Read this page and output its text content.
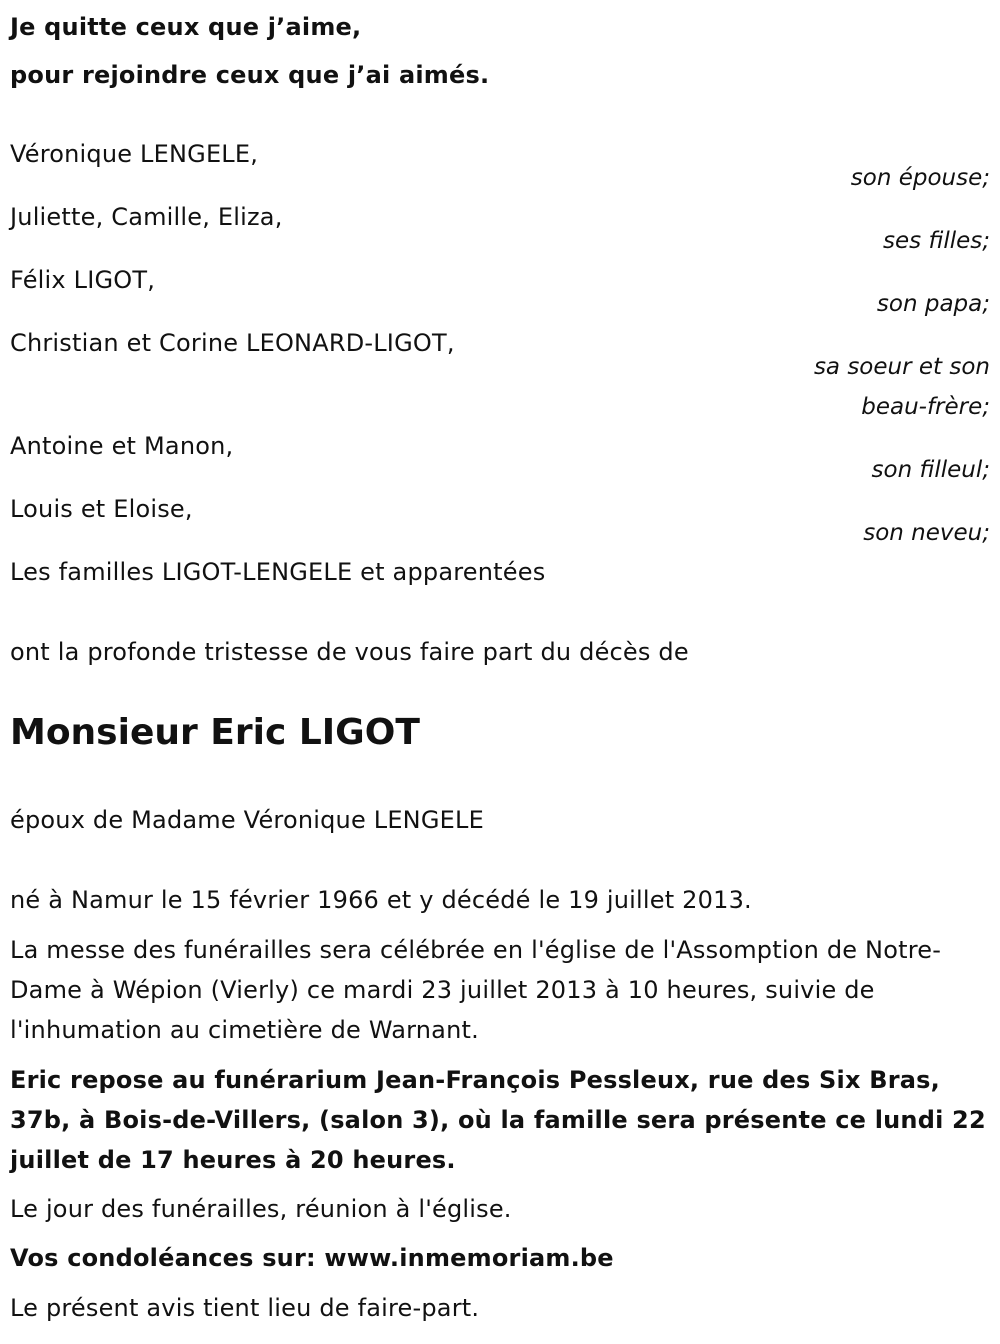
Je quitte ceux que j’aime,
pour rejoindre ceux que j’ai aimés.
Véronique LENGELE,
son épouse;
Juliette, Camille, Eliza,
ses filles;
Félix LIGOT,
son papa;
Christian et Corine LEONARD-LIGOT,
sa soeur et son
beau-frère;
Antoine et Manon,
son filleul;
Louis et Eloise,
son neveu;
Les familles LIGOT-LENGELE et apparentées
ont la profonde tristesse de vous faire part du décès de
Monsieur Eric LIGOT
époux de Madame Véronique LENGELE
né à Namur le 15 février 1966 et y décédé le 19 juillet 2013.
La messe des funérailles sera célébrée en l'église de l'Assomption de Notre-Dame à Wépion (Vierly) ce mardi 23 juillet 2013 à 10 heures, suivie de l'inhumation au cimetière de Warnant.
Eric repose au funérarium Jean-François Pessleux, rue des Six Bras, 37b, à Bois-de-Villers, (salon 3), où la famille sera présente ce lundi 22 juillet de 17 heures à 20 heures.
Le jour des funérailles, réunion à l'église.
Vos condoléances sur: www.inmemoriam.be
Le présent avis tient lieu de faire-part.
